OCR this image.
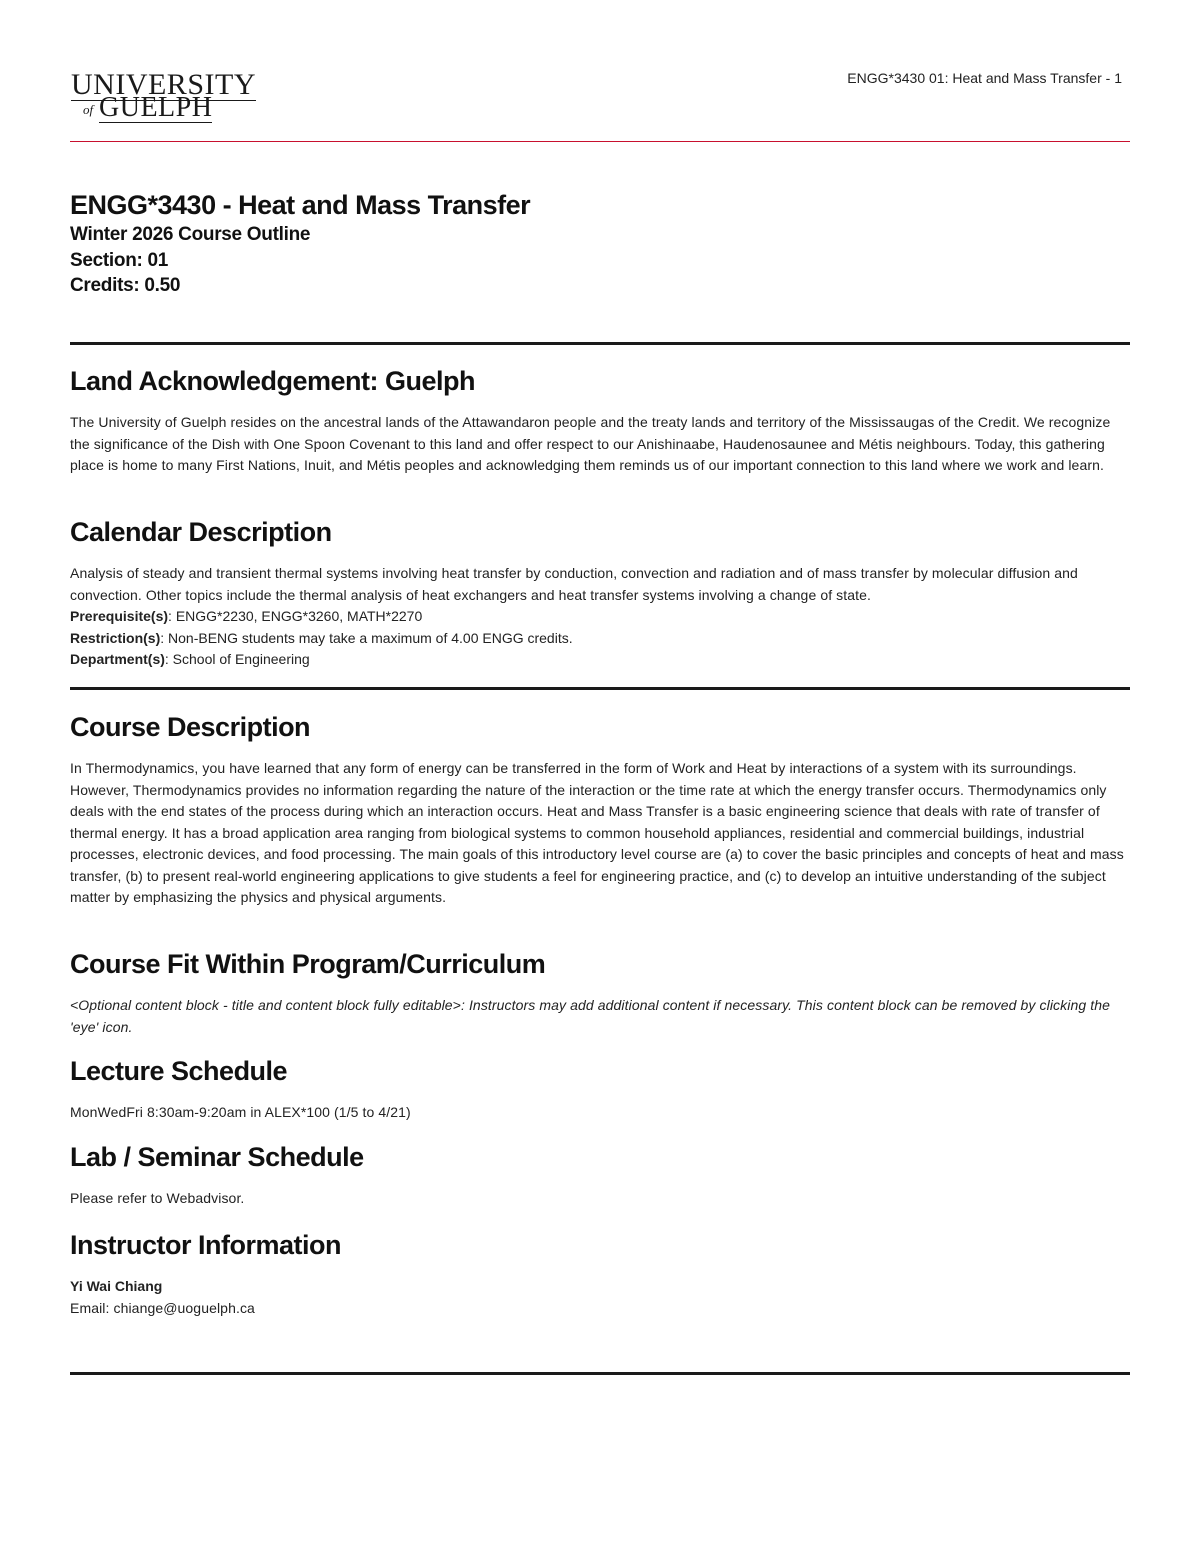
UNIVERSITY
of GUELPH
ENGG*3430 01: Heat and Mass Transfer - 1
ENGG*3430 - Heat and Mass Transfer

Winter 2026 Course Outline

Section: 01

Credits: 0.50

Land Acknowledgement: Guelph

The University of Guelph resides on the ancestral lands of the Attawandaron people and the treaty lands and territory of the Mississaugas of the Credit. We recognize the significance of the Dish with One Spoon Covenant to this land and offer respect to our Anishinaabe, Haudenosaunee and Métis neighbours. Today, this gathering place is home to many First Nations, Inuit, and Métis peoples and acknowledging them reminds us of our important connection to this land where we work and learn.

Calendar Description

Analysis of steady and transient thermal systems involving heat transfer by conduction, convection and radiation and of mass transfer by molecular diffusion and convection. Other topics include the thermal analysis of heat exchangers and heat transfer systems involving a change of state.

Prerequisite(s): ENGG*2230, ENGG*3260, MATH*2270

Restriction(s): Non-BENG students may take a maximum of 4.00 ENGG credits.

Department(s): School of Engineering

Course Description

In Thermodynamics, you have learned that any form of energy can be transferred in the form of Work and Heat by interactions of a system with its surroundings. However, Thermodynamics provides no information regarding the nature of the interaction or the time rate at which the energy transfer occurs. Thermodynamics only deals with the end states of the process during which an interaction occurs. Heat and Mass Transfer is a basic engineering science that deals with rate of transfer of thermal energy. It has a broad application area ranging from biological systems to common household appliances, residential and commercial buildings, industrial processes, electronic devices, and food processing. The main goals of this introductory level course are (a) to cover the basic principles and concepts of heat and mass transfer, (b) to present real-world engineering applications to give students a feel for engineering practice, and (c) to develop an intuitive understanding of the subject matter by emphasizing the physics and physical arguments.

Course Fit Within Program/Curriculum

<Optional content block - title and content block fully editable>: Instructors may add additional content if necessary. This content block can be removed by clicking the 'eye' icon.

Lecture Schedule

MonWedFri 8:30am-9:20am in ALEX*100 (1/5 to 4/21)

Lab / Seminar Schedule

Please refer to Webadvisor.

Instructor Information

Yi Wai Chiang

Email: chiange@uoguelph.ca
